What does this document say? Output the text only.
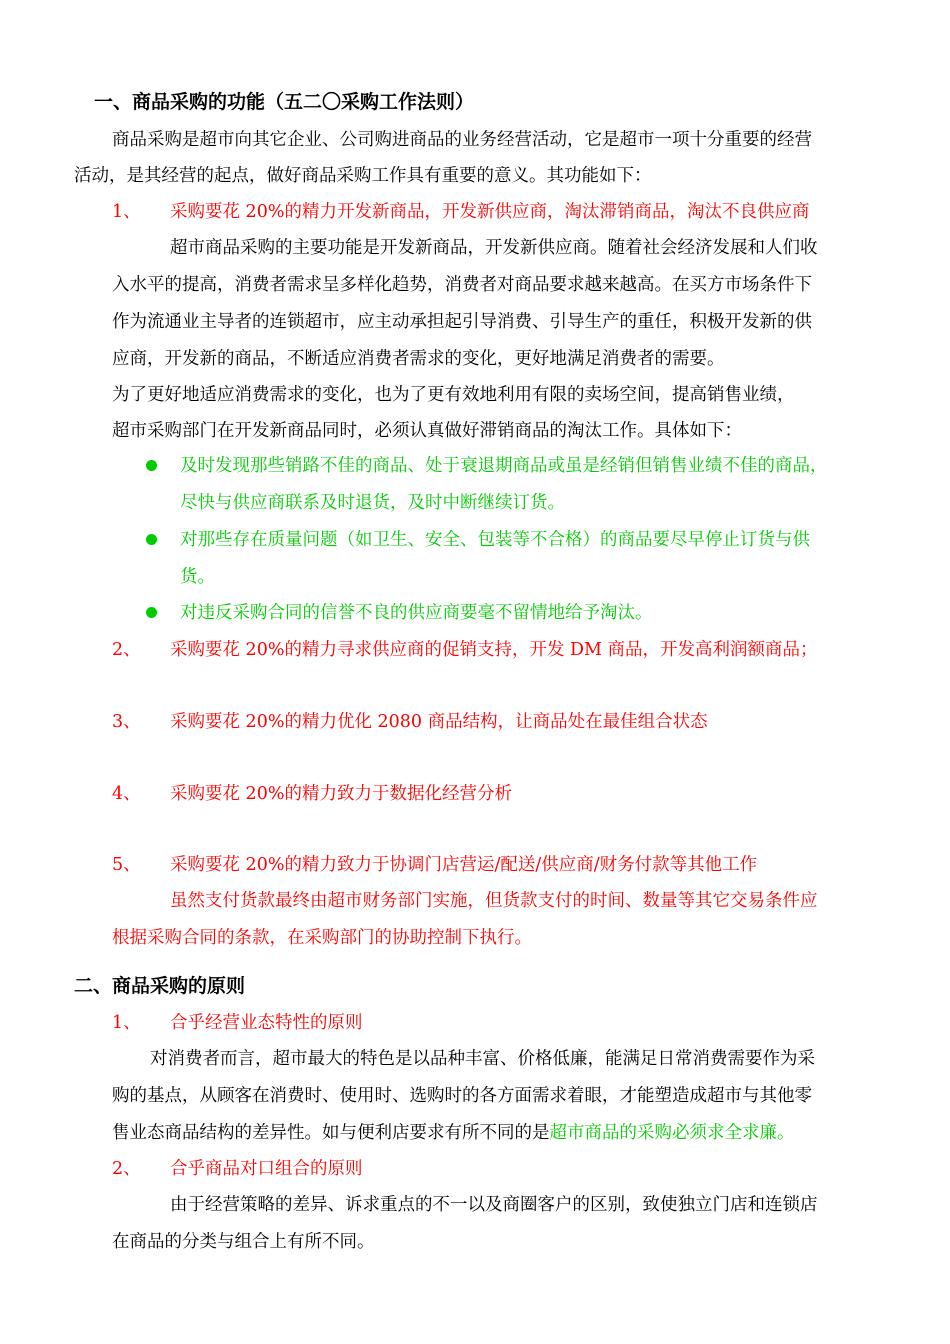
一、商品采购的功能（五二〇采购工作法则）
商品采购是超市向其它企业、公司购进商品的业务经营活动，它是超市一项十分重要的经营
活动，是其经营的起点，做好商品采购工作具有重要的意义。其功能如下：
1、 采购要花 20%的精力开发新商品，开发新供应商，淘汰滞销商品，淘汰不良供应商
超市商品采购的主要功能是开发新商品，开发新供应商。随着社会经济发展和人们收
入水平的提高，消费者需求呈多样化趋势，消费者对商品要求越来越高。在买方市场条件下
作为流通业主导者的连锁超市，应主动承担起引导消费、引导生产的重任，积极开发新的供
应商，开发新的商品，不断适应消费者需求的变化，更好地满足消费者的需要。
为了更好地适应消费需求的变化，也为了更有效地利用有限的卖场空间，提高销售业绩，
超市采购部门在开发新商品同时，必须认真做好滞销商品的淘汰工作。具体如下：
及时发现那些销路不佳的商品、处于衰退期商品或虽是经销但销售业绩不佳的商品，
尽快与供应商联系及时退货，及时中断继续订货。
对那些存在质量问题（如卫生、安全、包装等不合格）的商品要尽早停止订货与供
货。
对违反采购合同的信誉不良的供应商要毫不留情地给予淘汰。
2、 采购要花 20%的精力寻求供应商的促销支持，开发 DM 商品，开发高利润额商品；
3、 采购要花 20%的精力优化 2080 商品结构，让商品处在最佳组合状态
4、 采购要花 20%的精力致力于数据化经营分析
5、 采购要花 20%的精力致力于协调门店营运/配送/供应商/财务付款等其他工作
虽然支付货款最终由超市财务部门实施，但货款支付的时间、数量等其它交易条件应
根据采购合同的条款，在采购部门的协助控制下执行。
二、商品采购的原则
1、 合乎经营业态特性的原则
对消费者而言，超市最大的特色是以品种丰富、价格低廉，能满足日常消费需要作为采
购的基点，从顾客在消费时、使用时、选购时的各方面需求着眼，才能塑造成超市与其他零
售业态商品结构的差异性。如与便利店要求有所不同的是超市商品的采购必须求全求廉。
2、 合乎商品对口组合的原则
由于经营策略的差异、诉求重点的不一以及商圈客户的区别，致使独立门店和连锁店
在商品的分类与组合上有所不同。
